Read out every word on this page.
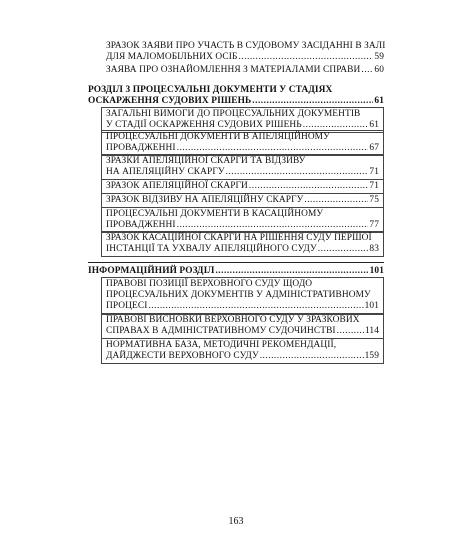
ЗРАЗОК ЗАЯВИ ПРО УЧАСТЬ В СУДОВОМУ ЗАСІДАННІ В ЗАЛІ
ДЛЯ МАЛОМОБІЛЬНИХ ОСІБ .....	59
ЗАЯВА ПРО ОЗНАЙОМЛЕННЯ З МАТЕРІАЛАМИ СПРАВИ ..... 60
РОЗДІЛ 3 ПРОЦЕСУАЛЬНІ ДОКУМЕНТИ У СТАДІЯХ
ОСКАРЖЕННЯ СУДОВИХ РІШЕНЬ .....	61
ЗАГАЛЬНІ ВИМОГИ ДО ПРОЦЕСУАЛЬНИХ ДОКУМЕНТІВ
У СТАДІЇ ОСКАРЖЕННЯ СУДОВИХ РІШЕНЬ .....	61
ПРОЦЕСУАЛЬНІ ДОКУМЕНТИ В АПЕЛЯЦІЙНОМУ
ПРОВАДЖЕННІ .....	67
ЗРАЗКИ АПЕЛЯЦІЙНОЇ СКАРГИ ТА ВІДЗИВУ
НА АПЕЛЯЦІЙНУ СКАРГУ .....	71
ЗРАЗОК АПЕЛЯЦІЙНОЇ СКАРГИ .....	71
ЗРАЗОК ВІДЗИВУ НА АПЕЛЯЦІЙНУ СКАРГУ .....	75
ПРОЦЕСУАЛЬНІ ДОКУМЕНТИ В КАСАЦІЙНОМУ
ПРОВАДЖЕННІ .....	77
ЗРАЗОК КАСАЦІЙНОЇ СКАРГИ НА РІШЕННЯ СУДУ ПЕРШОЇ
ІНСТАНЦІЇ ТА УХВАЛУ АПЕЛЯЦІЙНОГО СУДУ .....	83
ІНФОРМАЦІЙНИЙ РОЗДІЛ .....	101
ПРАВОВІ ПОЗИЦІЇ ВЕРХОВНОГО СУДУ ЩОДО
ПРОЦЕСУАЛЬНИХ ДОКУМЕНТІВ У АДМІНІСТРАТИВНОМУ
ПРОЦЕСІ .....	101
ПРАВОВІ ВИСНОВКИ ВЕРХОВНОГО СУДУ У ЗРАЗКОВИХ
СПРАВАХ В АДМІНІСТРАТИВНОМУ СУДОЧИНСТВІ .....	114
НОРМАТИВНА БАЗА, МЕТОДИЧНІ РЕКОМЕНДАЦІЇ,
ДАЙДЖЕСТИ ВЕРХОВНОГО СУДУ .....	159
163
